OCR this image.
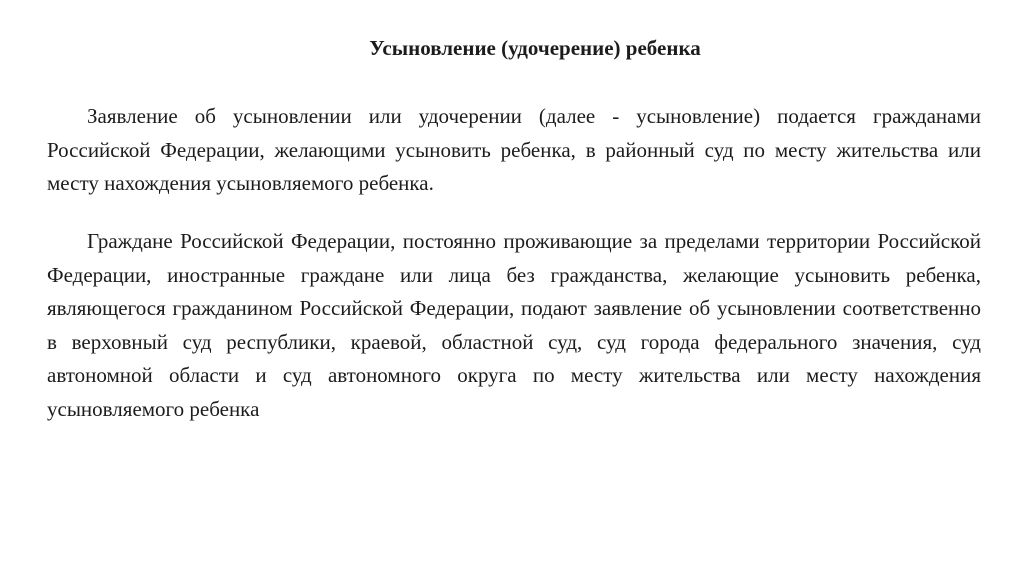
Усыновление (удочерение) ребенка

Заявление об усыновлении или удочерении (далее - усыновление) подается гражданами Российской Федерации, желающими усыновить ребенка, в районный суд по месту жительства или месту нахождения усыновляемого ребенка.

Граждане Российской Федерации, постоянно проживающие за пределами территории Российской Федерации, иностранные граждане или лица без гражданства, желающие усыновить ребенка, являющегося гражданином Российской Федерации, подают заявление об усыновлении соответственно в верховный суд республики, краевой, областной суд, суд города федерального значения, суд автономной области и суд автономного округа по месту жительства или месту нахождения усыновляемого ребенка
